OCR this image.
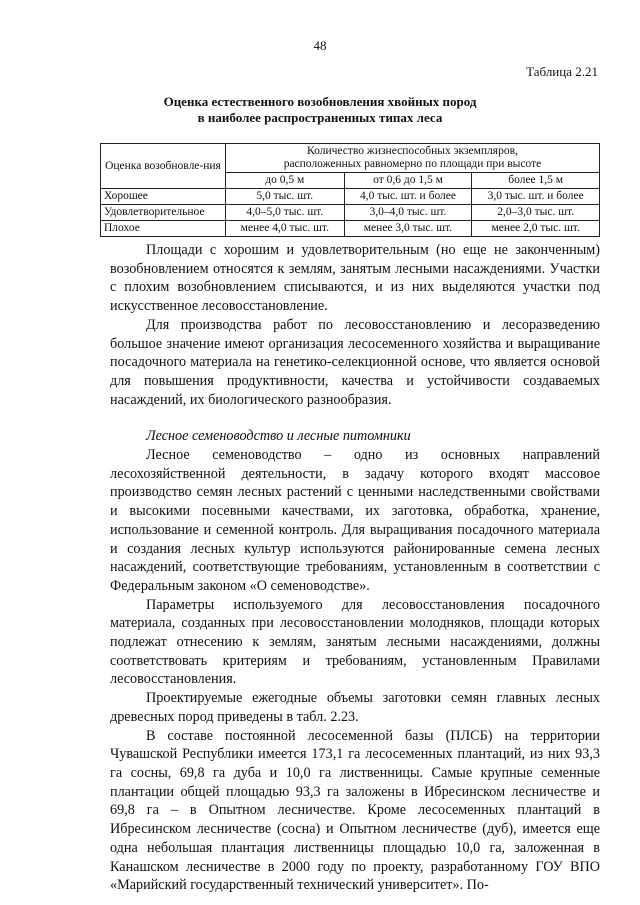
48
Таблица 2.21
Оценка естественного возобновления хвойных пород
в наиболее распространенных типах леса
Оценка возобновле-ния	Количество жизнеспособных экземпляров,
расположенных равномерно по площади при высоте		

	до 0,5 м	от 0,6 до 1,5 м	более 1,5 м
Хорошее	5,0 тыс. шт.	4,0 тыс. шт. и более	3,0 тыс. шт. и более
Удовлетворительное	4,0–5,0 тыс. шт.	3,0–4,0 тыс. шт.	2,0–3,0 тыс. шт.
Плохое	менее 4,0 тыс. шт.	менее 3,0 тыс. шт.	менее 2,0 тыс. шт.

Площади с хорошим и удовлетворительным (но еще не законченным) возобновлением относятся к землям, занятым лесными насаждениями. Участки с плохим возобновлением списываются, и из них выделяются участки под искусственное лесовосстановление.

Для производства работ по лесовосстановлению и лесоразведению большое значение имеют организация лесосеменного хозяйства и выращивание посадочного материала на генетико-селекционной основе, что является основой для повышения продуктивности, качества и устойчивости создаваемых насаждений, их биологического разнообразия.

Лесное семеноводство и лесные питомники

Лесное семеноводство – одно из основных направлений лесохозяйственной деятельности, в задачу которого входят массовое производство семян лесных растений с ценными наследственными свойствами и высокими посевными качествами, их заготовка, обработка, хранение, использование и семенной контроль. Для выращивания посадочного материала и создания лесных культур используются районированные семена лесных насаждений, соответствующие требованиям, установленным в соответствии с Федеральным законом «О семеноводстве».

Параметры используемого для лесовосстановления посадочного материала, созданных при лесовосстановлении молодняков, площади которых подлежат отнесению к землям, занятым лесными насаждениями, должны соответствовать критериям и требованиям, установленным Правилами лесовосстановления.

Проектируемые ежегодные объемы заготовки семян главных лесных древесных пород приведены в табл. 2.23.

В составе постоянной лесосеменной базы (ПЛСБ) на территории Чувашской Республики имеется 173,1 га лесосеменных плантаций, из них 93,3 га сосны, 69,8 га дуба и 10,0 га лиственницы. Самые крупные семенные плантации общей площадью 93,3 га заложены в Ибресинском лесничестве и 69,8 га – в Опытном лесничестве. Кроме лесосеменных плантаций в Ибресинском лесничестве (сосна) и Опытном лесничестве (дуб), имеется еще одна небольшая плантация лиственницы площадью 10,0 га, заложенная в Канашском лесничестве в 2000 году по проекту, разработанному ГОУ ВПО «Марийский государственный технический университет». По-
